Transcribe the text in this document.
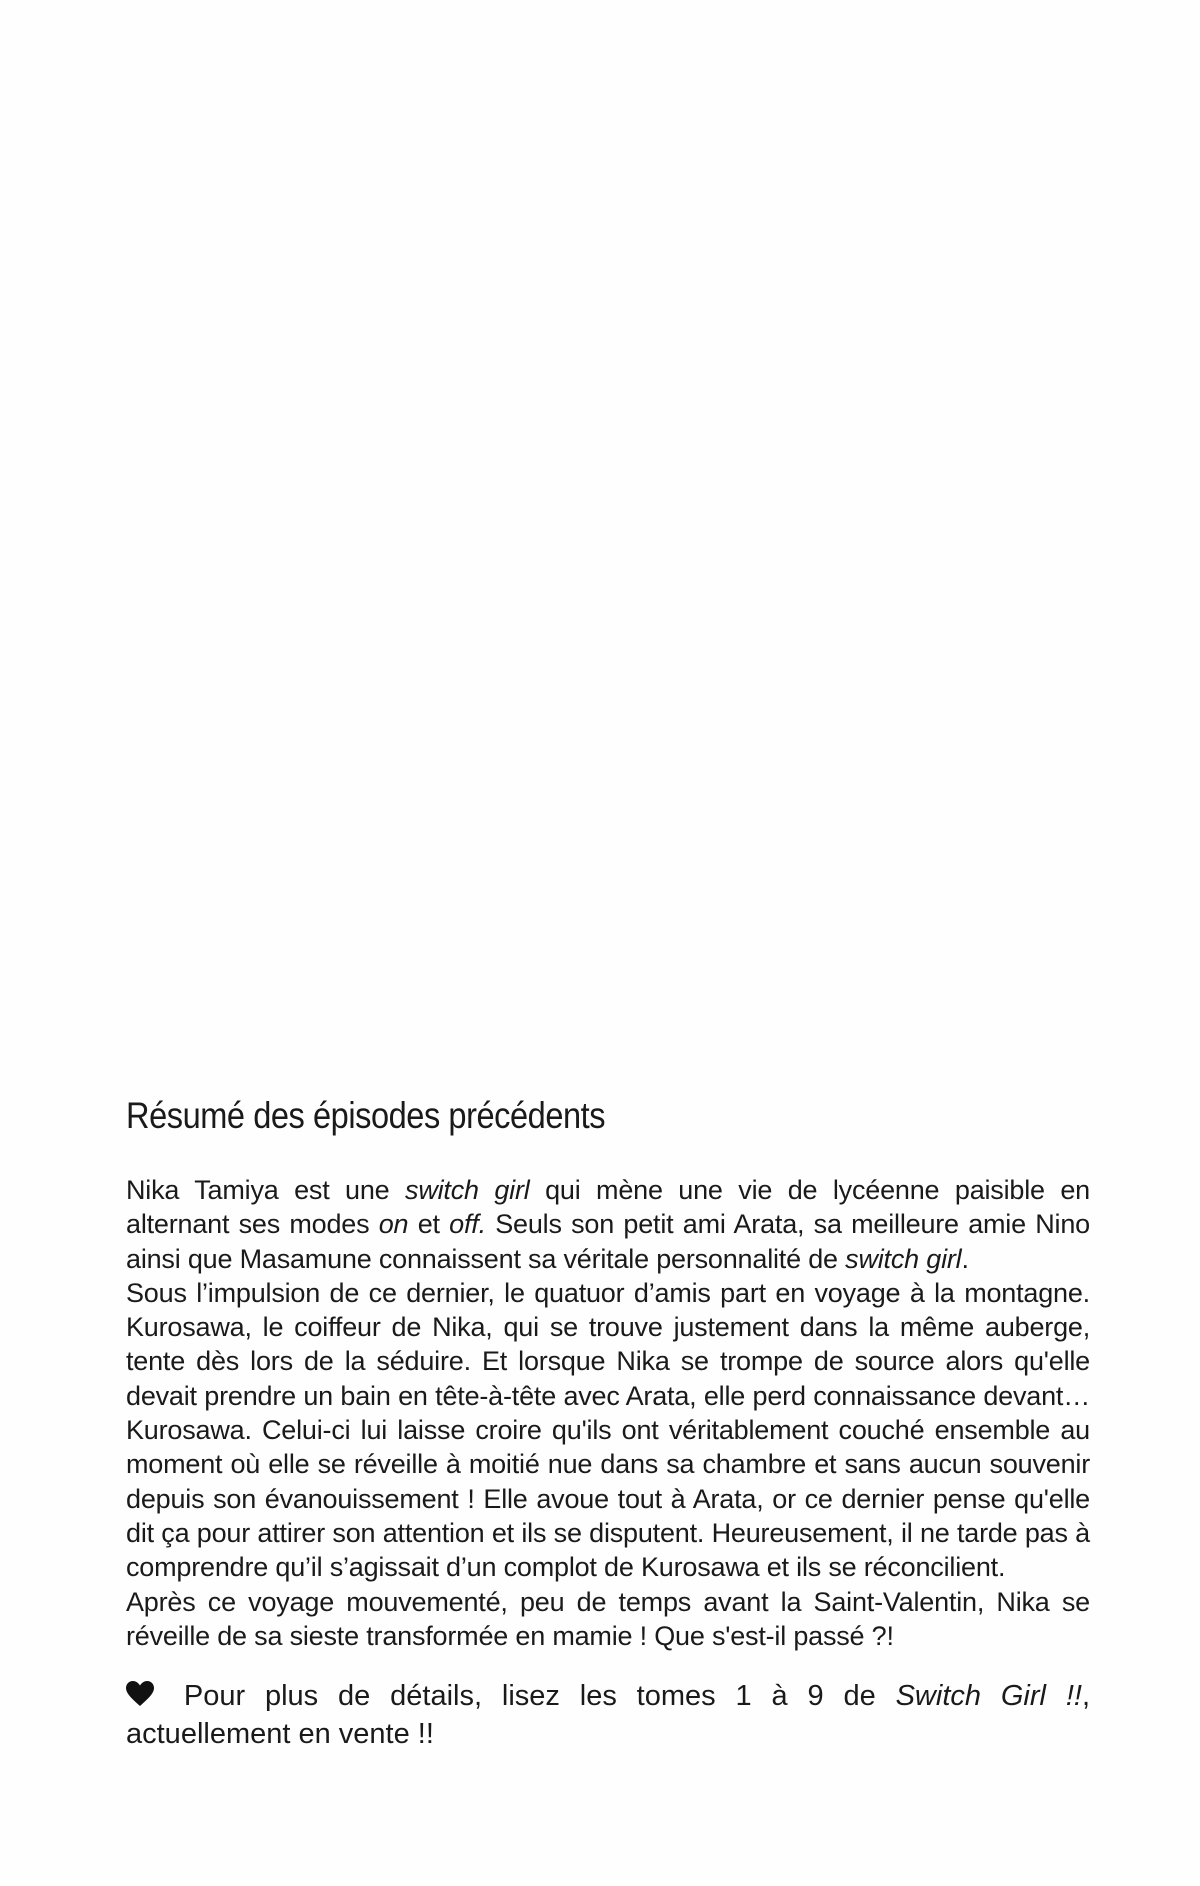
Résumé des épisodes précédents

Nika Tamiya est une switch girl qui mène une vie de lycéenne paisible en alternant ses modes on et off. Seuls son petit ami Arata, sa meilleure amie Nino ainsi que Masamune connaissent sa véritale personnalité de switch girl.

Sous l’impulsion de ce dernier, le quatuor d’amis part en voyage à la montagne. Kurosawa, le coiffeur de Nika, qui se trouve justement dans la même auberge, tente dès lors de la séduire. Et lorsque Nika se trompe de source alors qu'elle devait prendre un bain en tête-à-tête avec Arata, elle perd connaissance devant… Kurosawa. Celui-ci lui laisse croire qu'ils ont véritablement couché ensemble au moment où elle se réveille à moitié nue dans sa chambre et sans aucun souvenir depuis son évanouissement ! Elle avoue tout à Arata, or ce dernier pense qu'elle dit ça pour attirer son attention et ils se disputent. Heureusement, il ne tarde pas à comprendre qu’il s’agissait d’un complot de Kurosawa et ils se réconcilient.

Après ce voyage mouvementé, peu de temps avant la Saint-Valentin, Nika se réveille de sa sieste transformée en mamie ! Que s'est-il passé ?!

Pour plus de détails, lisez les tomes 1 à 9 de Switch Girl !!, actuellement en vente !!
